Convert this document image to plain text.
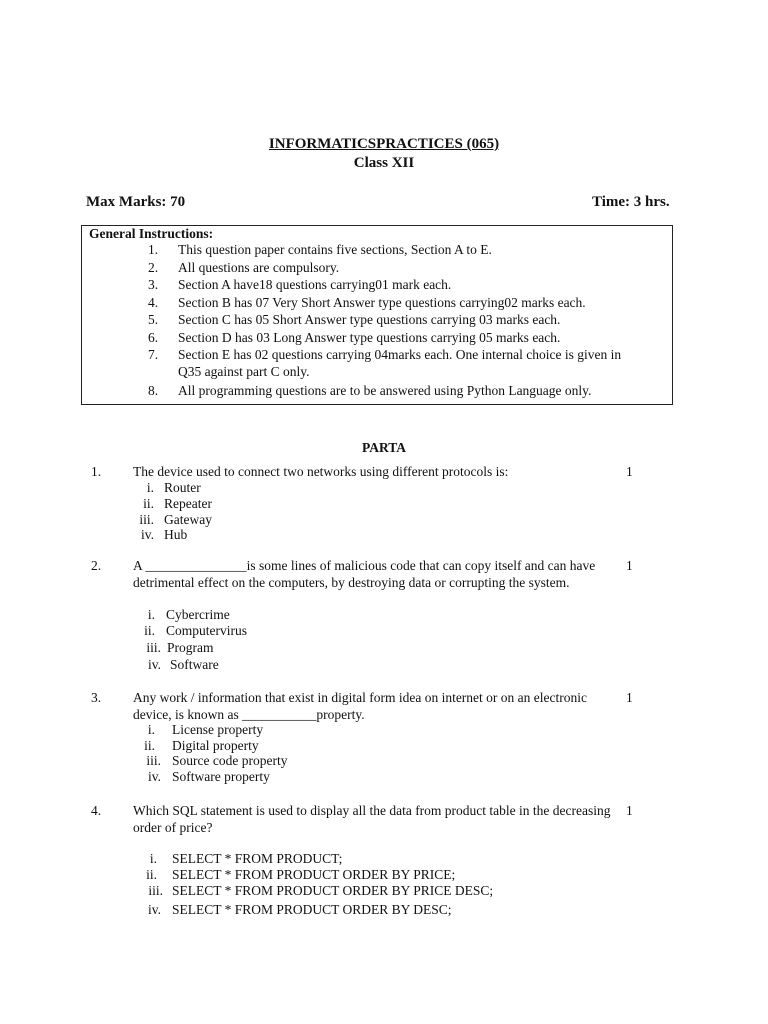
INFORMATICSPRACTICES (065)
Class XII
Max Marks: 70	Time: 3 hrs.
General Instructions:
1. This question paper contains five sections, Section A to E.
2. All questions are compulsory.
3. Section A have18 questions carrying01 mark each.
4. Section B has 07 Very Short Answer type questions carrying02 marks each.
5. Section C has 05 Short Answer type questions carrying 03 marks each.
6. Section D has 03 Long Answer type questions carrying 05 marks each.
7. Section E has 02 questions carrying 04marks each. One internal choice is given in Q35 against part C only.
8. All programming questions are to be answered using Python Language only.
PARTA
1. The device used to connect two networks using different protocols is:	1
i. Router
ii. Repeater
iii. Gateway
iv. Hub
2. A _______________is some lines of malicious code that can copy itself and can have detrimental effect on the computers, by destroying data or corrupting the system.
1
i. Cybercrime
ii. Computervirus
iii. Program
iv. Software
3. Any work / information that exist in digital form idea on internet or on an electronic device, is known as ___________property.
1
i. License property
ii. Digital property
iii. Source code property
iv. Software property
4. Which SQL statement is used to display all the data from product table in the decreasing order of price?
1
i. SELECT * FROM PRODUCT;
ii. SELECT * FROM PRODUCT ORDER BY PRICE;
iii. SELECT * FROM PRODUCT ORDER BY PRICE DESC;
iv. SELECT * FROM PRODUCT ORDER BY DESC;
